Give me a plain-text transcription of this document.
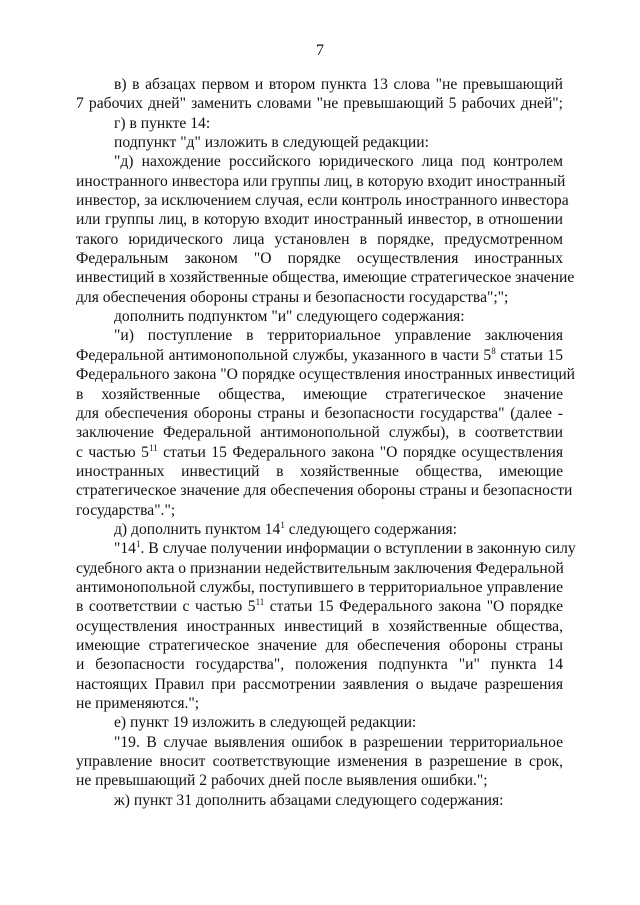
7
в) в абзацах первом и втором пункта 13 слова "не превышающий
7 рабочих дней" заменить словами "не превышающий 5 рабочих дней";
г) в пункте 14:
подпункт "д" изложить в следующей редакции:
"д) нахождение российского юридического лица под контролем
иностранного инвестора или группы лиц, в которую входит иностранный
инвестор, за исключением случая, если контроль иностранного инвестора
или группы лиц, в которую входит иностранный инвестор, в отношении
такого юридического лица установлен в порядке, предусмотренном
Федеральным законом "О порядке осуществления иностранных
инвестиций в хозяйственные общества, имеющие стратегическое значение
для обеспечения обороны страны и безопасности государства";";
дополнить подпунктом "и" следующего содержания:
"и) поступление в территориальное управление заключения
Федеральной антимонопольной службы, указанного в части $5^8$ статьи 15
Федерального закона "О порядке осуществления иностранных инвестиций
в хозяйственные общества, имеющие стратегическое значение
для обеспечения обороны страны и безопасности государства" (далее -
заключение Федеральной антимонопольной службы), в соответствии
с частью $5^{11}$ статьи 15 Федерального закона "О порядке осуществления
иностранных инвестиций в хозяйственные общества, имеющие
стратегическое значение для обеспечения обороны страны и безопасности
государства".";
д) дополнить пунктом $14^1$ следующего содержания:
"$14^1$. В случае получении информации о вступлении в законную силу
судебного акта о признании недействительным заключения Федеральной
антимонопольной службы, поступившего в территориальное управление
в соответствии с частью $5^{11}$ статьи 15 Федерального закона "О порядке
осуществления иностранных инвестиций в хозяйственные общества,
имеющие стратегическое значение для обеспечения обороны страны
и безопасности государства", положения подпункта "и" пункта 14
настоящих Правил при рассмотрении заявления о выдаче разрешения
не применяются.";
е) пункт 19 изложить в следующей редакции:
"19. В случае выявления ошибок в разрешении территориальное
управление вносит соответствующие изменения в разрешение в срок,
не превышающий 2 рабочих дней после выявления ошибки.";
ж) пункт 31 дополнить абзацами следующего содержания:
